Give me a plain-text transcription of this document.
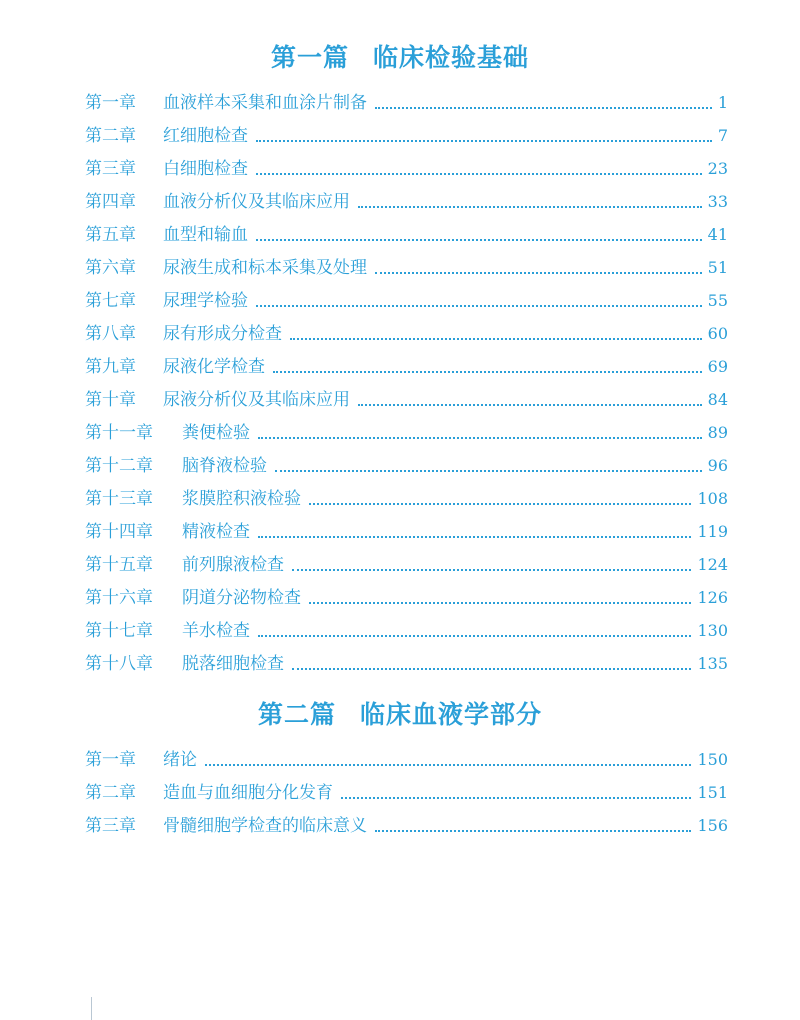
第一篇 临床检验基础
第一章	血液样本采集和血涂片制备	1
第二章	红细胞检查	7
第三章	白细胞检查	23
第四章	血液分析仪及其临床应用	33
第五章	血型和输血	41
第六章	尿液生成和标本采集及处理	51
第七章	尿理学检验	55
第八章	尿有形成分检查	60
第九章	尿液化学检查	69
第十章	尿液分析仪及其临床应用	84
第十一章	粪便检验	89
第十二章	脑脊液检验	96
第十三章	浆膜腔积液检验	108
第十四章	精液检查	119
第十五章	前列腺液检查	124
第十六章	阴道分泌物检查	126
第十七章	羊水检查	130
第十八章	脱落细胞检查	135
第二篇 临床血液学部分
第一章	绪论	150
第二章	造血与血细胞分化发育	151
第三章	骨髓细胞学检查的临床意义	156
